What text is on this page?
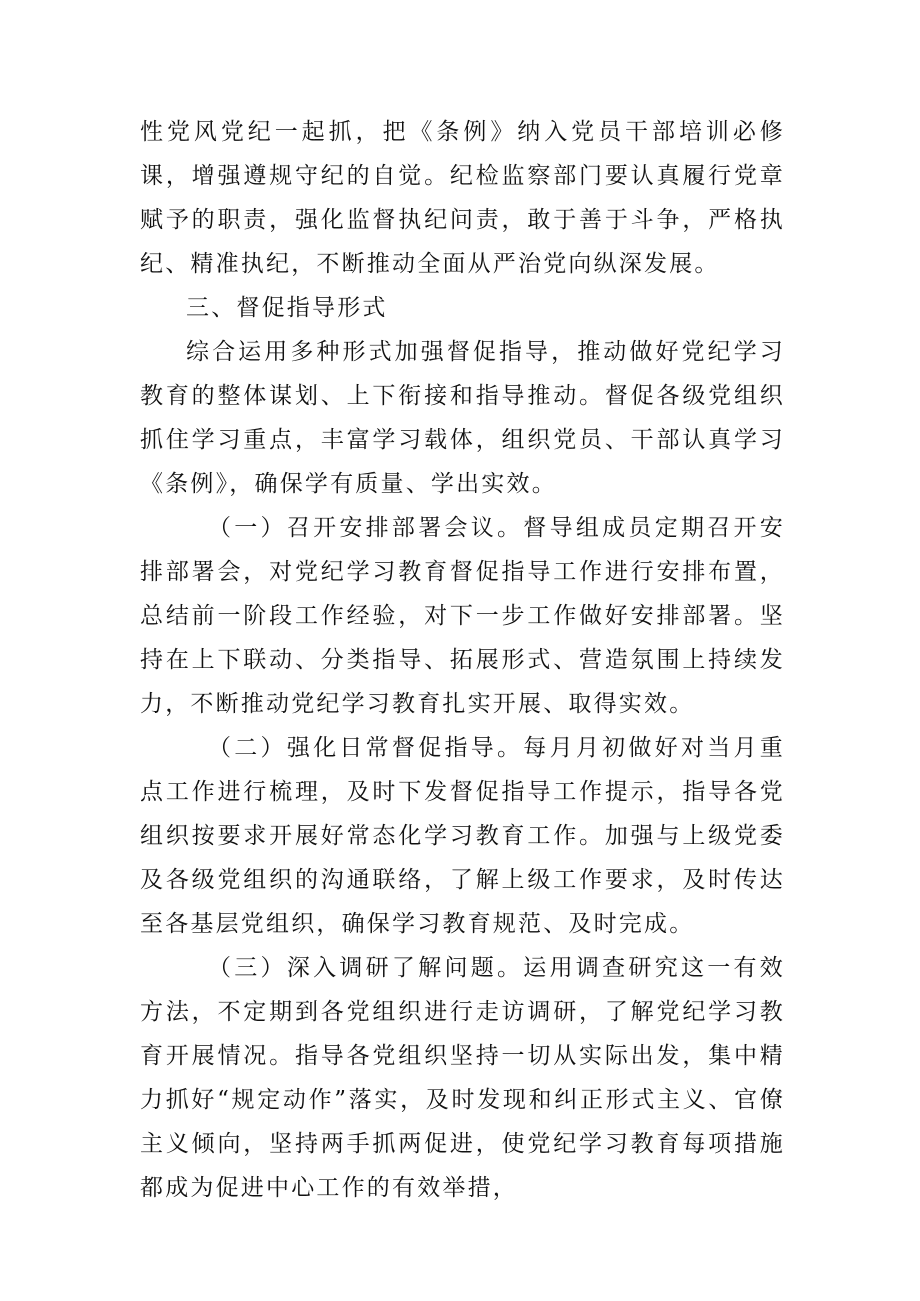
性党风党纪一起抓，把《条例》纳入党员干部培训必修课，增强遵规守纪的自觉。纪检监察部门要认真履行党章赋予的职责，强化监督执纪问责，敢于善于斗争，严格执纪、精准执纪，不断推动全面从严治党向纵深发展。

三、督促指导形式

综合运用多种形式加强督促指导，推动做好党纪学习教育的整体谋划、上下衔接和指导推动。督促各级党组织抓住学习重点，丰富学习载体，组织党员、干部认真学习《条例》，确保学有质量、学出实效。

（一）召开安排部署会议。督导组成员定期召开安排部署会，对党纪学习教育督促指导工作进行安排布置，总结前一阶段工作经验，对下一步工作做好安排部署。坚持在上下联动、分类指导、拓展形式、营造氛围上持续发力，不断推动党纪学习教育扎实开展、取得实效。

（二）强化日常督促指导。每月月初做好对当月重点工作进行梳理，及时下发督促指导工作提示，指导各党组织按要求开展好常态化学习教育工作。加强与上级党委及各级党组织的沟通联络，了解上级工作要求，及时传达至各基层党组织，确保学习教育规范、及时完成。

（三）深入调研了解问题。运用调查研究这一有效方法，不定期到各党组织进行走访调研，了解党纪学习教育开展情况。指导各党组织坚持一切从实际出发，集中精力抓好“规定动作”落实，及时发现和纠正形式主义、官僚主义倾向，坚持两手抓两促进，使党纪学习教育每项措施都成为促进中心工作的有效举措，
